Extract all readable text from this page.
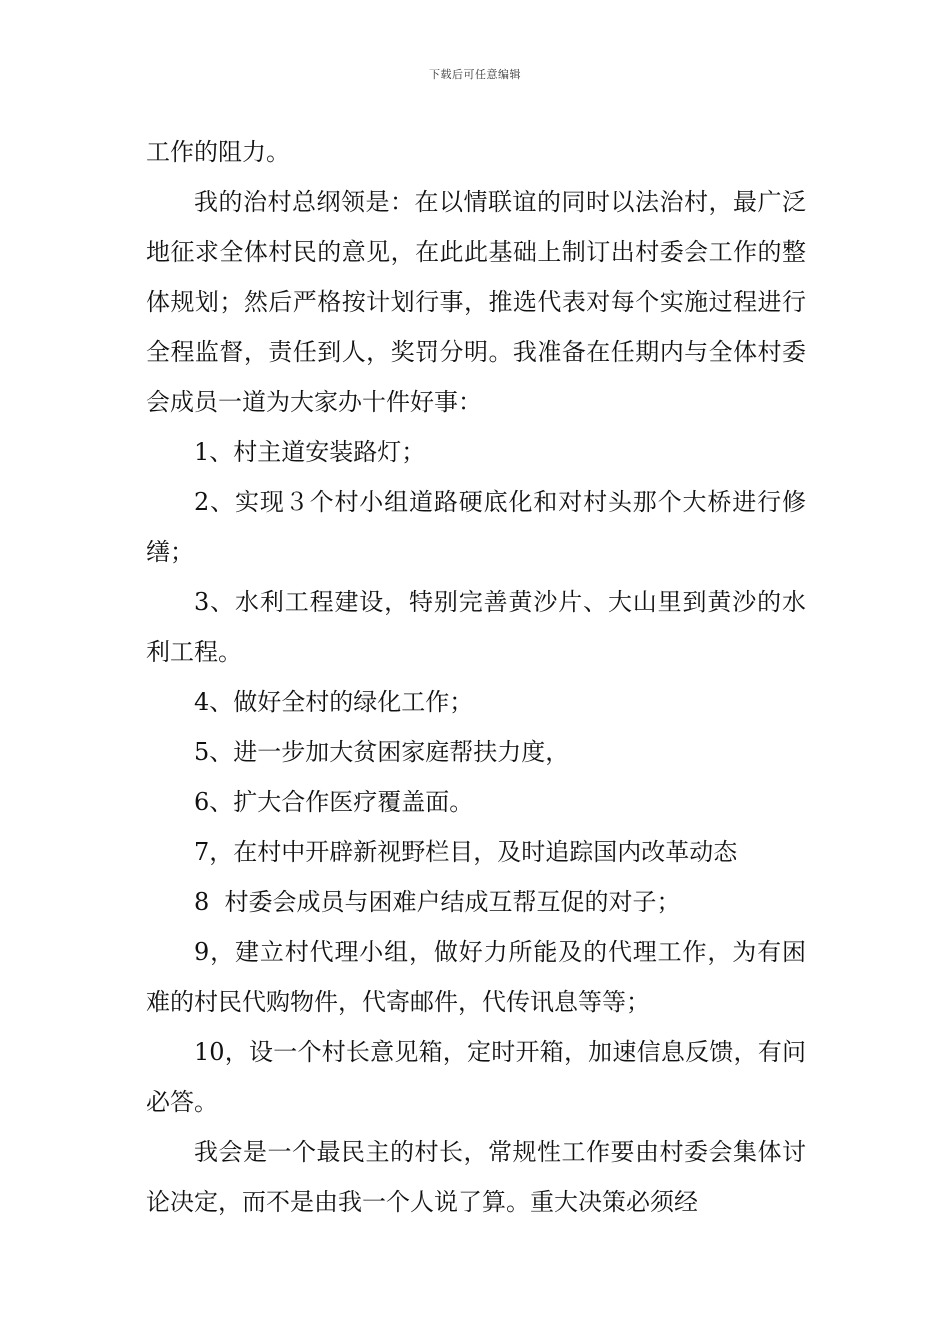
下载后可任意编辑

工作的阻力。

我的治村总纲领是：在以情联谊的同时以法治村，最广泛地征求全体村民的意见，在此此基础上制订出村委会工作的整体规划；然后严格按计划行事，推选代表对每个实施过程进行全程监督，责任到人，奖罚分明。我准备在任期内与全体村委会成员一道为大家办十件好事：

1、村主道安装路灯；

2、实现３个村小组道路硬底化和对村头那个大桥进行修缮；

3、水利工程建设，特别完善黄沙片、大山里到黄沙的水利工程。

4、做好全村的绿化工作；

5、进一步加大贫困家庭帮扶力度，

6、扩大合作医疗覆盖面。

7，在村中开辟新视野栏目，及时追踪国内改革动态

8  村委会成员与困难户结成互帮互促的对子；

9，建立村代理小组，做好力所能及的代理工作，为有困难的村民代购物件，代寄邮件，代传讯息等等；

10，设一个村长意见箱，定时开箱，加速信息反馈，有问必答。

我会是一个最民主的村长，常规性工作要由村委会集体讨论决定，而不是由我一个人说了算。重大决策必须经
